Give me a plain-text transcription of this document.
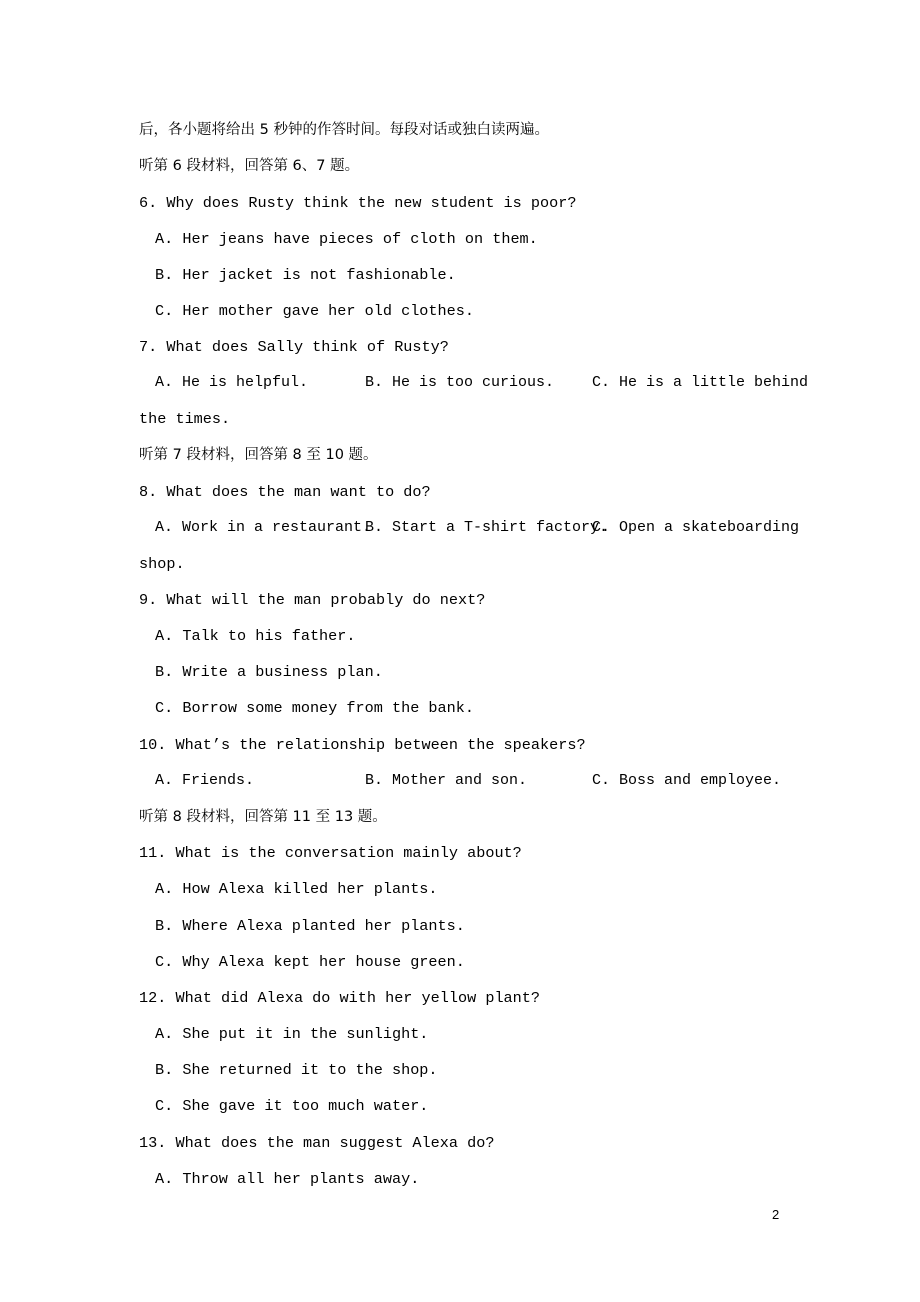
后，各小题将给出 5 秒钟的作答时间。每段对话或独白读两遍。
听第 6 段材料，回答第 6、7 题。
6. Why does Rusty think the new student is poor?
A. Her jeans have pieces of cloth on them.
B. Her jacket is not fashionable.
C. Her mother gave her old clothes.
7. What does Sally think of Rusty?
A. He is helpful.	B. He is too curious.	C. He is a little behind
the times.
听第 7 段材料，回答第 8 至 10 题。
8. What does the man want to do?
A. Work in a restaurant.
B. Start a T-shirt factory.
C. Open a skateboarding
shop.
9. What will the man probably do next?
A. Talk to his father.
B. Write a business plan.
C. Borrow some money from the bank.
10. What’s the relationship between the speakers?
A. Friends.	B. Mother and son.	C. Boss and employee.
听第 8 段材料，回答第 11 至 13 题。
11. What is the conversation mainly about?
A. How Alexa killed her plants.
B. Where Alexa planted her plants.
C. Why Alexa kept her house green.
12. What did Alexa do with her yellow plant?
A. She put it in the sunlight.
B. She returned it to the shop.
C. She gave it too much water.
13. What does the man suggest Alexa do?
A. Throw all her plants away.
2
